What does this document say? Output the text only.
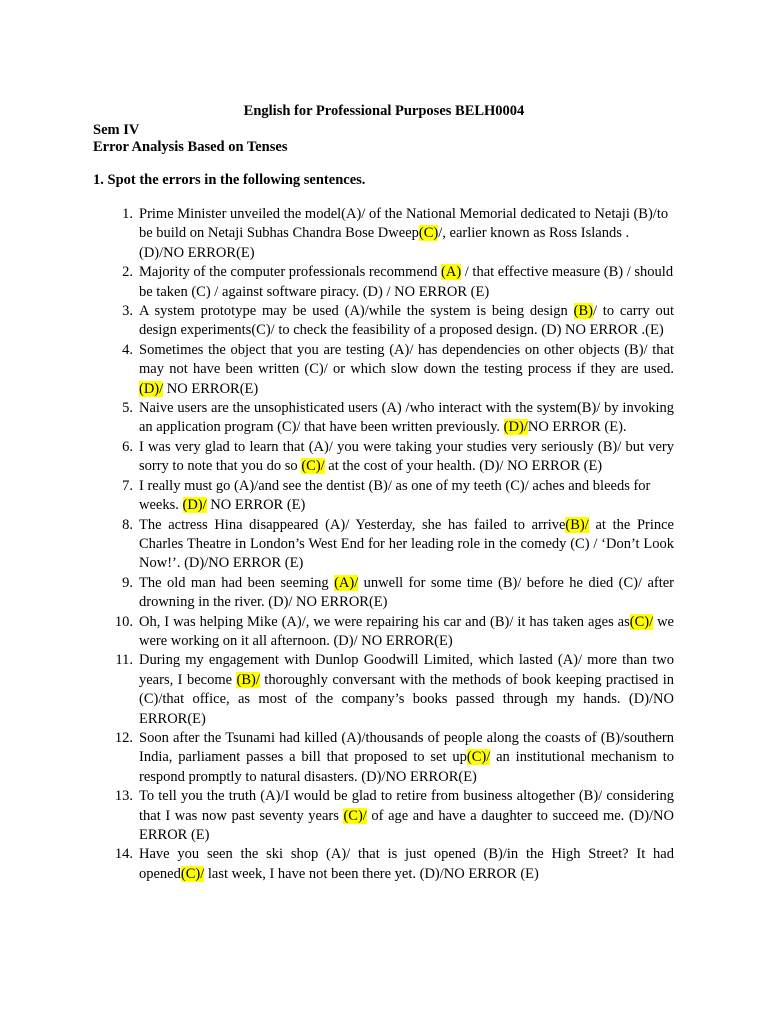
English for Professional Purposes BELH0004
Sem IV
Error Analysis Based on Tenses
1. Spot the errors in the following sentences.
1. Prime Minister unveiled the model(A)/ of the National Memorial dedicated to Netaji (B)/to be build on Netaji Subhas Chandra Bose Dweep(C)/, earlier known as Ross Islands . (D)/NO ERROR(E)
2. Majority of the computer professionals recommend (A) / that effective measure (B) / should be taken (C) / against software piracy. (D) / NO ERROR (E)
3. A system prototype may be used (A)/while the system is being design (B)/ to carry out design experiments(C)/ to check the feasibility of a proposed design. (D) NO ERROR .(E)
4. Sometimes the object that you are testing (A)/ has dependencies on other objects (B)/ that may not have been written (C)/ or which slow down the testing process if they are used. (D)/ NO ERROR(E)
5. Naive users are the unsophisticated users (A) /who interact with the system(B)/ by invoking an application program (C)/ that have been written previously. (D)/NO ERROR (E).
6. I was very glad to learn that (A)/ you were taking your studies very seriously (B)/ but very sorry to note that you do so (C)/ at the cost of your health. (D)/ NO ERROR (E)
7. I really must go (A)/and see the dentist (B)/ as one of my teeth (C)/ aches and bleeds for weeks. (D)/ NO ERROR (E)
8. The actress Hina disappeared (A)/ Yesterday, she has failed to arrive(B)/ at the Prince Charles Theatre in London’s West End for her leading role in the comedy (C) / ‘Don’t Look Now!’. (D)/NO ERROR (E)
9. The old man had been seeming (A)/ unwell for some time (B)/ before he died (C)/ after drowning in the river. (D)/ NO ERROR(E)
10. Oh, I was helping Mike (A)/, we were repairing his car and (B)/ it has taken ages as(C)/ we were working on it all afternoon. (D)/ NO ERROR(E)
11. During my engagement with Dunlop Goodwill Limited, which lasted (A)/ more than two years, I become (B)/ thoroughly conversant with the methods of book keeping practised in (C)/that office, as most of the company’s books passed through my hands. (D)/NO ERROR(E)
12. Soon after the Tsunami had killed (A)/thousands of people along the coasts of (B)/southern India, parliament passes a bill that proposed to set up(C)/ an institutional mechanism to respond promptly to natural disasters. (D)/NO ERROR(E)
13. To tell you the truth (A)/I would be glad to retire from business altogether (B)/ considering that I was now past seventy years (C)/ of age and have a daughter to succeed me. (D)/NO ERROR (E)
14. Have you seen the ski shop (A)/ that is just opened (B)/in the High Street? It had opened(C)/ last week, I have not been there yet. (D)/NO ERROR (E)
